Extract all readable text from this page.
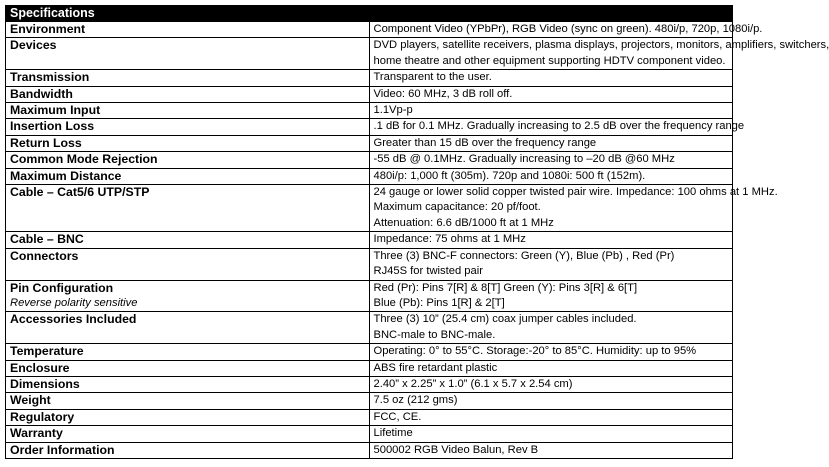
Specifications	

Environment	Component Video (YPbPr), RGB Video (sync on green). 480i/p, 720p, 1080i/p.

Devices	DVD players, satellite receivers, plasma displays, projectors, monitors, amplifiers, switchers,
home theatre and other equipment supporting HDTV component video.

Transmission	Transparent to the user.

Bandwidth	Video: 60 MHz, 3 dB roll off.

Maximum Input	1.1Vp-p

Insertion Loss	.1 dB for 0.1 MHz. Gradually increasing to 2.5 dB over the frequency range

Return Loss	Greater than 15 dB over the frequency range

Common Mode Rejection	-55 dB @ 0.1MHz. Gradually increasing to –20 dB @60 MHz

Maximum Distance	480i/p: 1,000 ft (305m). 720p and 1080i: 500 ft (152m).

Cable – Cat5/6 UTP/STP	24 gauge or lower solid copper twisted pair wire. Impedance: 100 ohms at 1 MHz.
Maximum capacitance: 20 pf/foot.
Attenuation: 6.6 dB/1000 ft at 1 MHz

Cable – BNC	Impedance: 75 ohms at 1 MHz

Connectors	Three (3) BNC-F connectors: Green (Y), Blue (Pb) , Red (Pr)
RJ45S for twisted pair

Pin Configuration
Reverse polarity sensitive	Red (Pr): Pins 7[R] & 8[T] Green (Y): Pins 3[R] & 6[T]
Blue (Pb): Pins 1[R] & 2[T]

Accessories Included	Three (3) 10” (25.4 cm) coax jumper cables included.
BNC-male to BNC-male.

Temperature	Operating: 0° to 55°C. Storage:-20° to 85°C. Humidity: up to 95%

Enclosure	ABS fire retardant plastic

Dimensions	2.40” x 2.25” x 1.0” (6.1 x 5.7 x 2.54 cm)

Weight	7.5 oz (212 gms)

Regulatory	FCC, CE.

Warranty	Lifetime

Order Information	500002 RGB Video Balun, Rev B
